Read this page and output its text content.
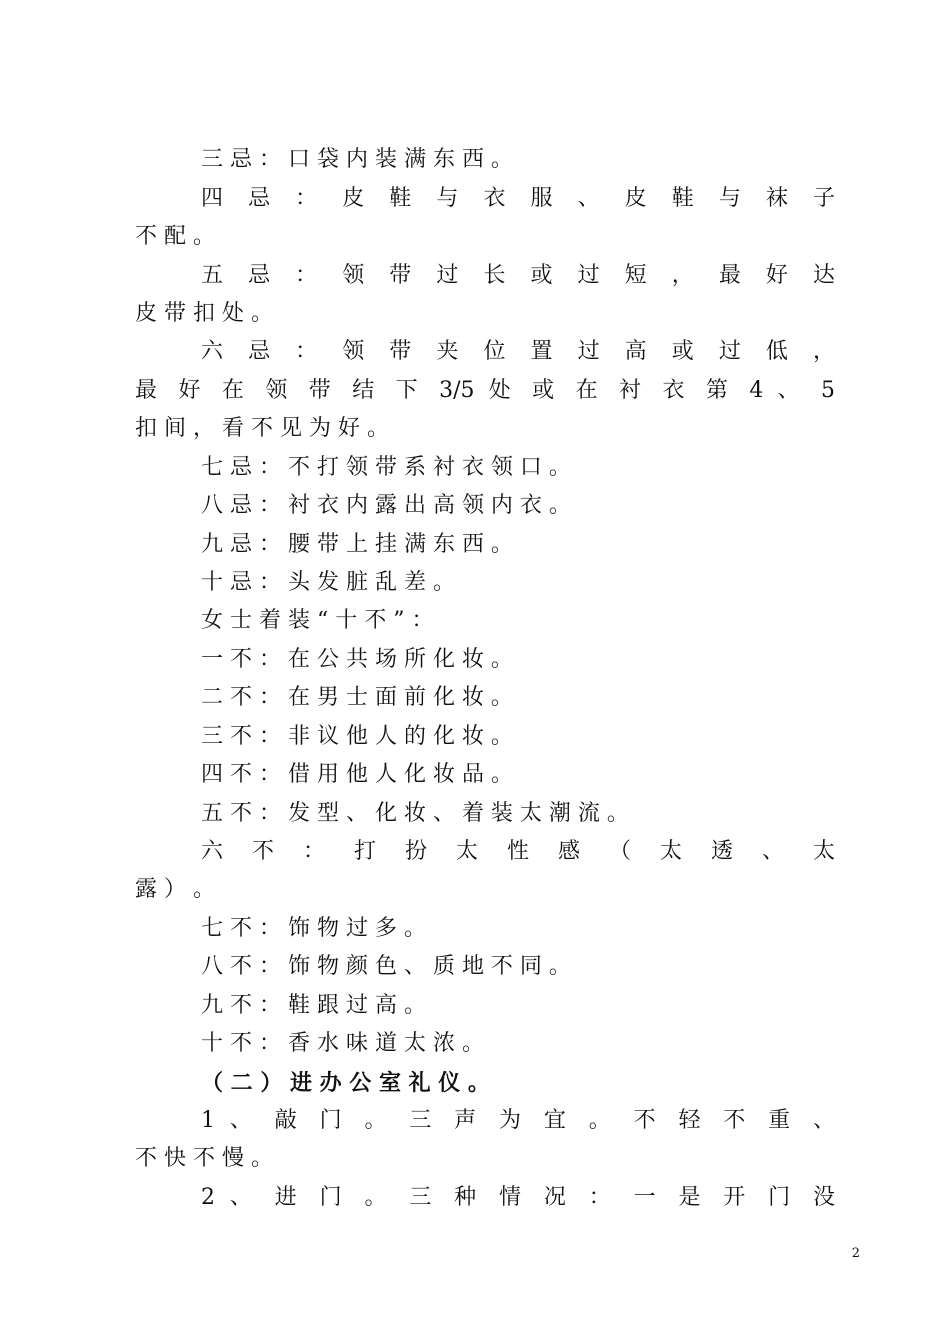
三 忌 ： 口 袋 内 装 满 东 西 。
四 忌 ： 皮 鞋 与 衣 服 、 皮 鞋 与 袜 子
不 配 。
五 忌 ： 领 带 过 长 或 过 短 ， 最 好 达
皮 带 扣 处 。
六 忌 ： 领 带 夹 位 置 过 高 或 过 低 ，
最 好 在 领 带 结 下 3/5 处 或 在 衬 衣 第 4 、 5
扣 间 ， 看 不 见 为 好 。
七 忌 ： 不 打 领 带 系 衬 衣 领 口 。
八 忌 ： 衬 衣 内 露 出 高 领 内 衣 。
九 忌 ： 腰 带 上 挂 满 东 西 。
十 忌 ： 头 发 脏 乱 差 。
女 士 着 装 “ 十 不 ” ：
一 不 ： 在 公 共 场 所 化 妆 。
二 不 ： 在 男 士 面 前 化 妆 。
三 不 ： 非 议 他 人 的 化 妆 。
四 不 ： 借 用 他 人 化 妆 品 。
五 不 ： 发 型 、 化 妆 、 着 装 太 潮 流 。
六 不 ： 打 扮 太 性 感 （ 太 透 、 太
露 ） 。
七 不 ： 饰 物 过 多 。
八 不 ： 饰 物 颜 色 、 质 地 不 同 。
九 不 ： 鞋 跟 过 高 。
十 不 ： 香 水 味 道 太 浓 。
（ 二 ） 进 办 公 室 礼 仪 。
1 、 敲 门 。 三 声 为 宜 。 不 轻 不 重 、
不 快 不 慢 。
2 、 进 门 。 三 种 情 况 ： 一 是 开 门 没
2
